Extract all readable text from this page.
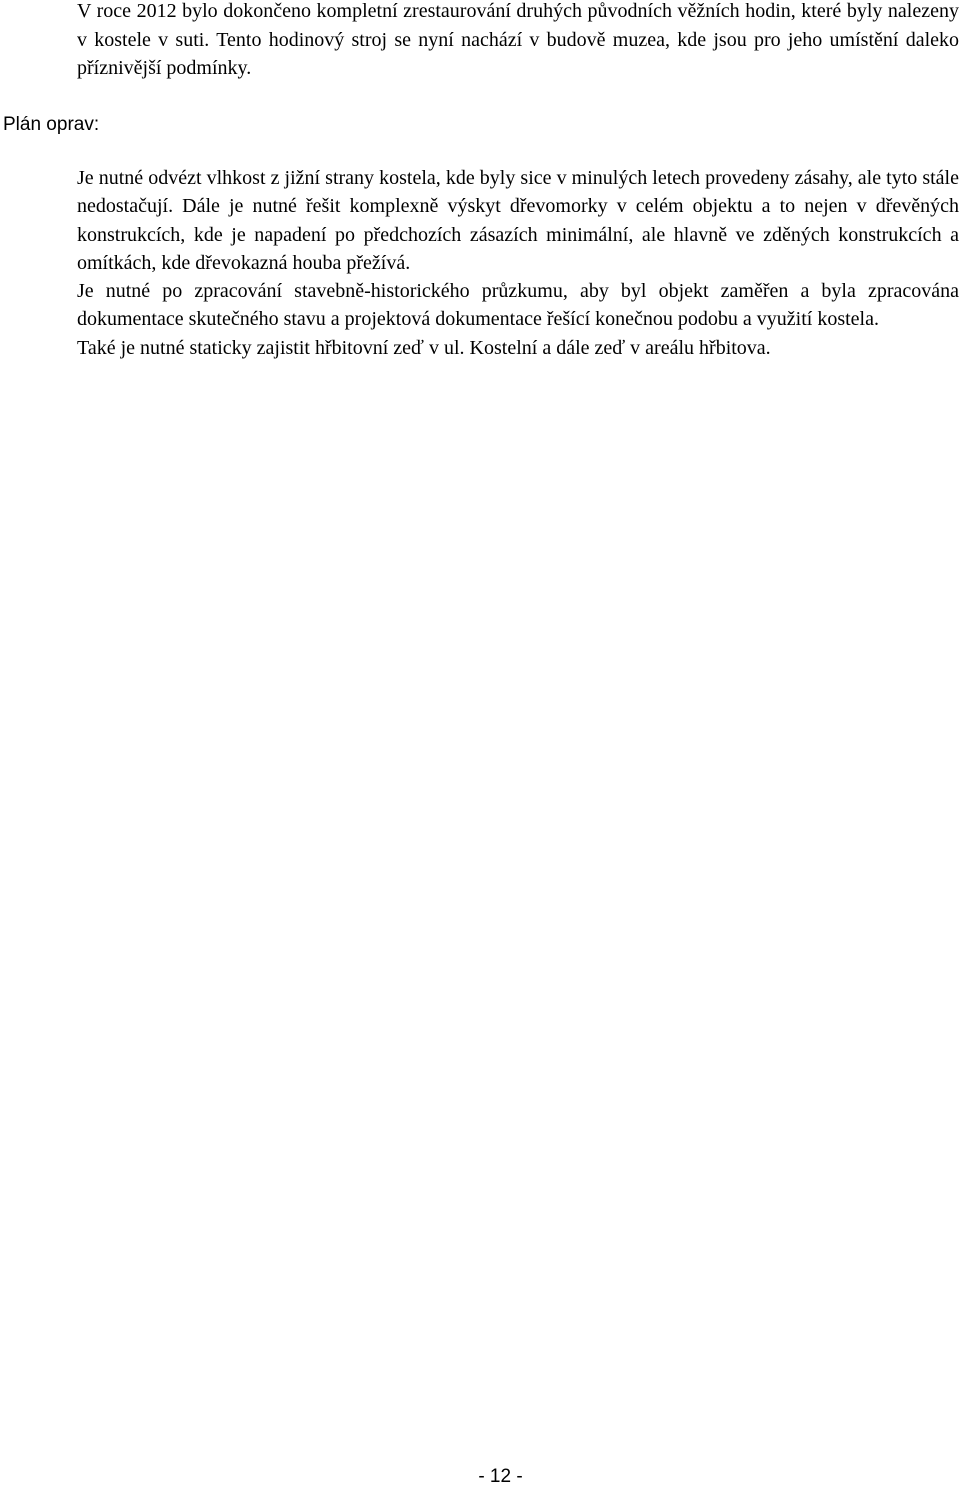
V roce 2012 bylo dokončeno kompletní zrestaurování druhých původních věžních hodin, které byly nalezeny v kostele v suti. Tento hodinový stroj se nyní nachází v budově muzea, kde jsou pro jeho umístění daleko příznivější podmínky.

Plán oprav:

Je nutné odvézt vlhkost z jižní strany kostela, kde byly sice v minulých letech provedeny zásahy, ale tyto stále nedostačují. Dále je nutné řešit komplexně výskyt dřevomorky v celém objektu a to nejen v dřevěných konstrukcích, kde je napadení po předchozích zásazích minimální, ale hlavně ve zděných konstrukcích a omítkách, kde dřevokazná houba přežívá.

Je nutné po zpracování stavebně-historického průzkumu, aby byl objekt zaměřen a byla zpracována dokumentace skutečného stavu a projektová dokumentace řešící konečnou podobu a využití kostela.

Také je nutné staticky zajistit hřbitovní zeď v ul. Kostelní a dále zeď v areálu hřbitova.

- 12 -
